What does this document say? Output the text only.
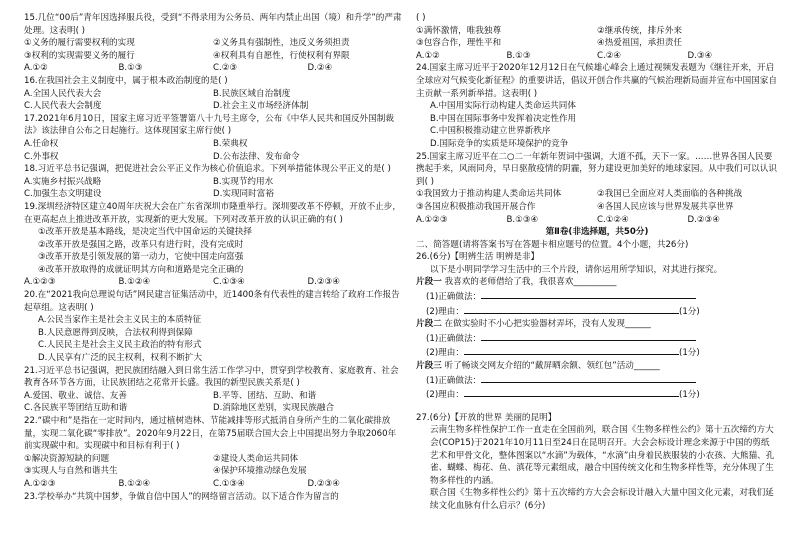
15.几位“00后”青年因选择服兵役，受到“不得录用为公务员、两年内禁止出国（境）和升学”的严肃处理。这表明( )
①义务的履行需要权利的实现	②义务具有强制性，违反义务须担责
③权利的实现需要义务的履行	④权利具有自愿性，行使权利有界限
A.①②	B.①③	C.②③	D.②④
16.在我国社会主义制度中，属于根本政治制度的是( )
A.全国人民代表大会	B.民族区域自治制度
C.人民代表大会制度	D.社会主义市场经济体制
17.2021年6月10日，国家主席习近平签署第八十九号主席令，公布《中华人民共和国反外国制裁法》该法律自公布之日起施行。这体现国家主席行使( )
A.任命权	B.荣典权
C.外事权	D.公布法律、发布命令
18.习近平总书记强调，把促进社会公平正义作为核心价值追求。下列举措能体现公平正义的是( )
A.实施乡村振兴战略	B.实现节约用水
C.加强生态文明建设	D.实现同时富裕
19.深圳经济特区建立40周年庆祝大会在广东省深圳市隆重举行。深圳要改革不停顿，开放不止步，在更高起点上推进改革开放，实现新的更大发展。下列对改革开放的认识正确的有( )
①改革开放是基本路线，是决定当代中国命运的关键抉择
②改革开放是强国之路，改革只有进行时，没有完成时
③改革开放是引领发展的第一动力，它使中国走向富强
④改革开放取得的成就证明其方向和道路是完全正确的
A.①②③	B.①②④	C.①③④	D.②③④
20.在“2021我向总理说句话”网民建言征集活动中，近1400条有代表性的建言转给了政府工作报告起草组。这表明( )
A.公民当家作主是社会主义民主的本质特征
B.人民意愿得到反映，合法权利得到保障
C.人民民主是社会主义民主政治的特有形式
D.人民享有广泛的民主权利，权利不断扩大
21.习近平总书记强调，把民族团结融入到日常生活工作学习中，贯穿到学校教育、家庭教育、社会教育各环节各方面，让民族团结之花常开长盛。我国的新型民族关系是( )
A.爱国、敬业、诚信、友善	B.平等、团结、互助、和谐
C.各民族平等团结互助和谐	D.消除地区差别，实现民族融合
22.“碳中和”是指在一定时间内，通过植树造林、节能减排等形式抵消自身所产生的二氧化碳排放量，实现二氧化碳“零排放”。2020年9月22日，在第75届联合国大会上中国提出努力争取2060年前实现碳中和。实现碳中和目标有利于( )
①解决资源短缺的问题	②建设人类命运共同体
③实现人与自然和谐共生	④保护环境推动绿色发展
A.①②③	B.①②④	C.①③④	D.②③④
23.学校举办“共筑中国梦，争做自信中国人”的网络留言活动。以下适合作为留言的
( )
①满怀激情，唯我独尊	②继承传统，排斥外来
③包容合作，理性平和	④热爱祖国，承担责任
A.①②	B.①③	C.②④	D.③④
24.国家主席习近平于2020年12月12日在气候雄心峰会上通过视频发表题为《继往开来，开启全球应对气候变化新征程》的重要讲话，倡议开创合作共赢的气候治理新局面并宣布中国国家自主贡献一系列新举措。这表明( )
A.中国用实际行动构建人类命运共同体
B.中国在国际事务中发挥着决定性作用
C.中国积极推动建立世界新秩序
D.国际竞争的实质是环境保护的竞争
25.国家主席习近平在二○二一年新年贺词中强调，大道不孤，天下一家。……世界各国人民要携起手来，风雨同舟，早日驱散疫情的阴霾，努力建设更加美好的地球家园。从中我们可以认识到( )
①我国致力于推动构建人类命运共同体	②我国已全面应对人类面临的各种挑战
③各国应积极推动我国开展合作	④各国人民应该与世界发展共享世界
A.①②③	B.①③④	C.①②④	D.②③④
第Ⅱ卷(非选择题，共50分)
二、简答题(请将答案书写在答题卡相应题号的位置。4个小题，共26分)
26.(6分)【明辨生活 明辨是非】
以下是小明同学学习生活中的三个片段，请你运用所学知识，对其进行探究。
片段一 我喜欢的老师借给了我，我很喜欢__________
(1)正确做法：
(2)理由：	(1分)
片段二 在做实验时不小心把实验器材弄坏，没有人发现______
(1)正确做法：
(2)理由：	(1分)
片段三 听了畅谈交网友介绍的“戴屏晒余额、领红包”活动______
(1)正确做法：
(2)理由：	(1分)
27.(6分)【开放的世界 美丽的昆明】
云南生物多样性保护工作一直走在全国前列，联合国《生物多样性公约》第十五次缔约方大会(COP15)于2021年10月11日至24日在昆明召开。大会会标设计理念来源于中国的剪纸艺术和甲骨文化，整体图案以“水滴”为载体，“水滴”由身着民族服装的小农孩、大熊猫、孔雀、蝴蝶、梅花、鱼、滇花等元素组成，融合中国传统文化和生物多样性等，充分体现了生物多样性的内涵。
联合国《生物多样性公约》第十五次缔约方大会会标设计融入大量中国文化元素，对我们延续文化血脉有什么启示？(6分)
